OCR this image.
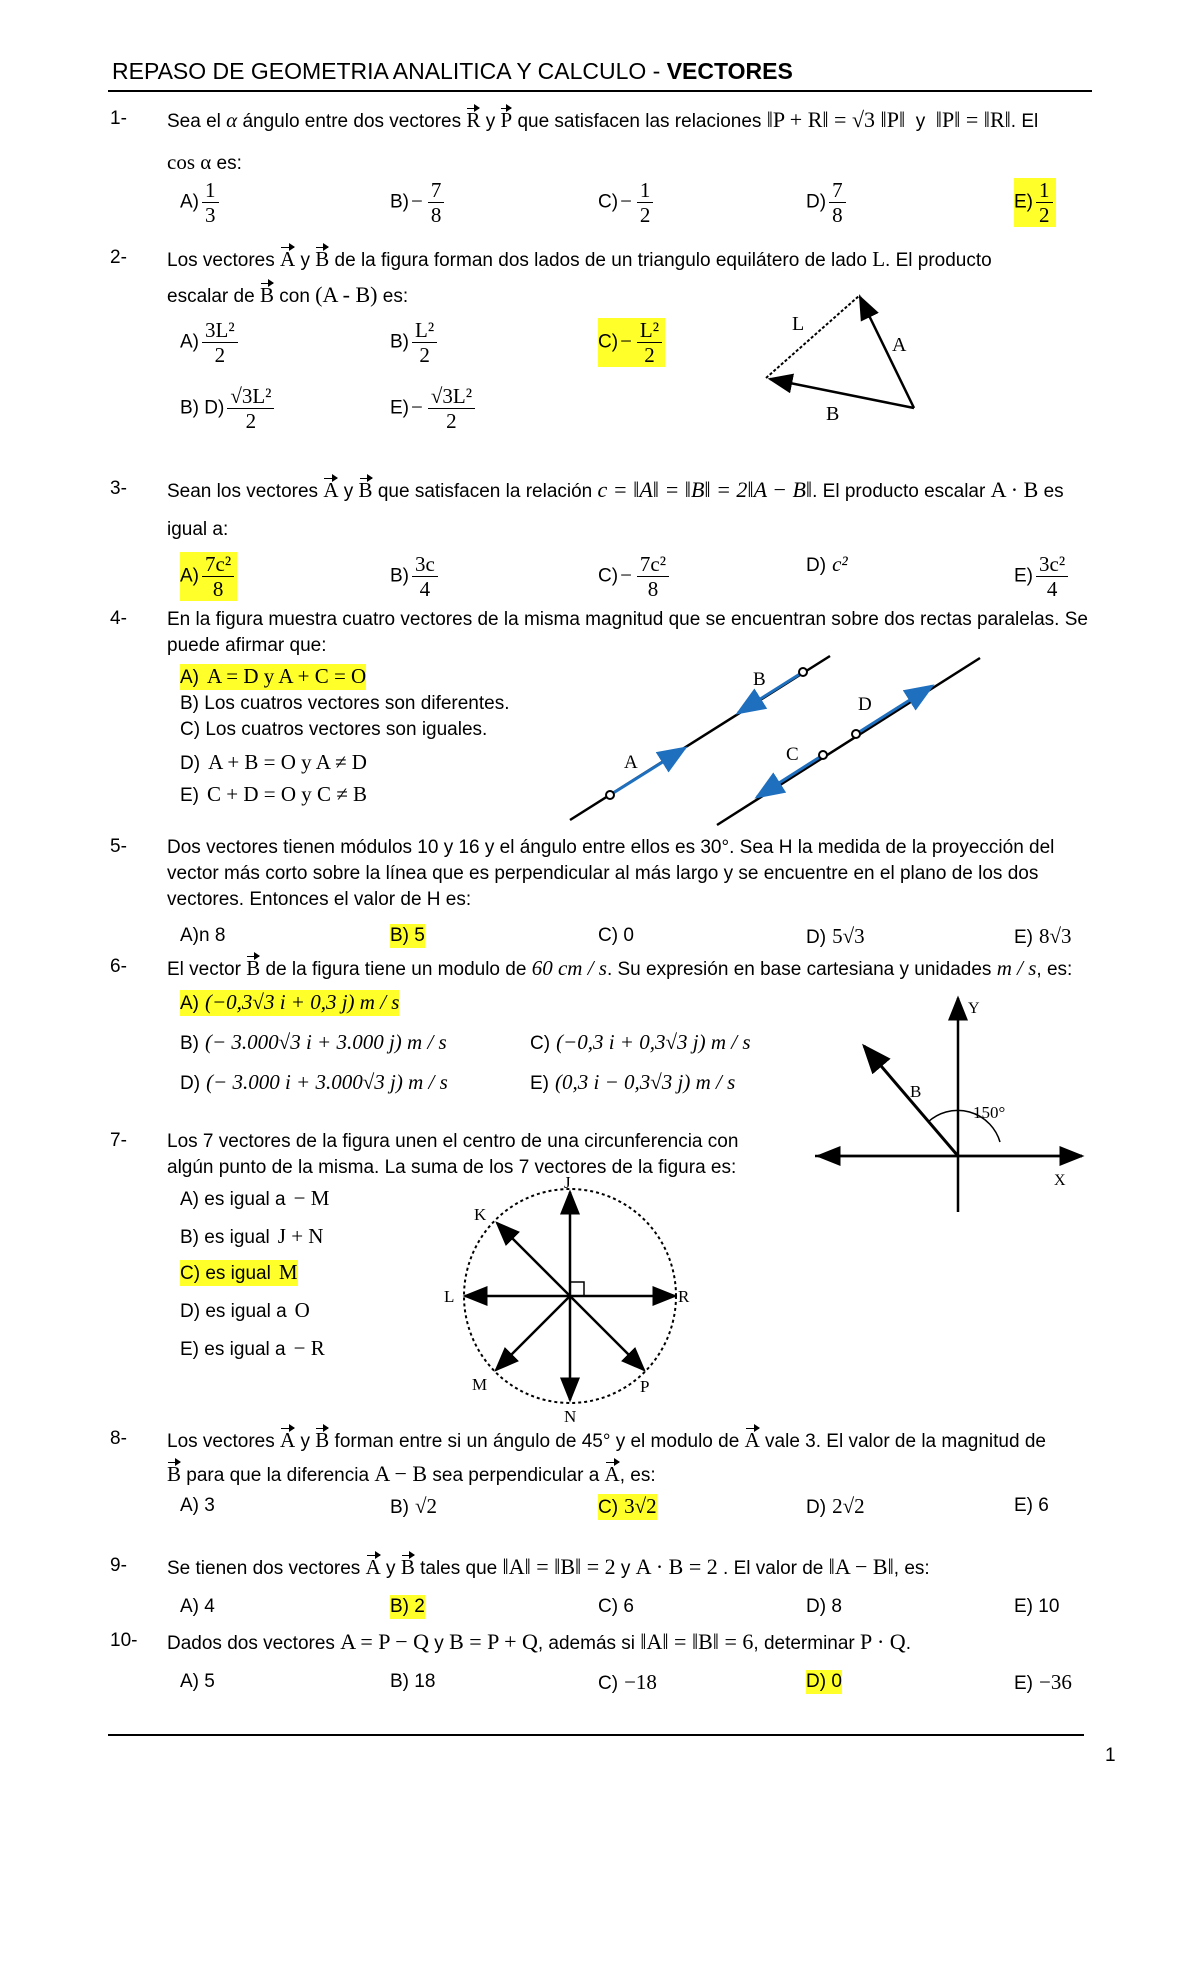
REPASO DE GEOMETRIA ANALITICA Y CALCULO - VECTORES
1- Sea el α ángulo entre dos vectores R y P que satisfacen las relaciones ‖P + R‖ = √3 ‖P‖ y ‖P‖ = ‖R‖. El
cos α es:
$A) \frac{1}{3}$	$B)- \frac{7}{8}$	$C)- \frac{1}{2}$	$D) \frac{7}{8}$	$E) \frac{1}{2}$
2- Los vectores A y B de la figura forman dos lados de un triangulo equilátero de lado L. El producto
escalar de B con (A - B) es:
$A) \frac{\text{3L²}}{2}$	$B) \frac{\text{L²}}{2}$	$C)- \frac{\text{L²}}{2}$
B) $D) \frac{\text{√3L²}}{2}$	$E)- \frac{\text{√3L²}}{2}$
L
A
B
3- Sean los vectores A y B que satisfacen la relación c = ‖A‖ = ‖B‖ = 2‖A − B‖. El producto escalar A · B es
igual a:
$A) \frac{\text{7c²}}{8}$	$B) \frac{3c}{4}$	$C)- \frac{\text{7c²}}{8}$	D) c²
$E) \frac{\text{3c²}}{4}$
4- En la figura muestra cuatro vectores de la misma magnitud que se encuentran sobre dos rectas paralelas. Se
puede afirmar que:
A) A = D y A + C = O
B) Los cuatros vectores son diferentes.
C) Los cuatros vectores son iguales.
D) A + B = O y A ≠ D
E) C + D = O y C ≠ B
A
B
C
D
5- Dos vectores tienen módulos 10 y 16 y el ángulo entre ellos es 30°. Sea H la medida de la proyección del
vector más corto sobre la línea que es perpendicular al más largo y se encuentre en el plano de los dos
vectores. Entonces el valor de H es:
A)n 8	B) 5	C) 0	D) 5√3	E) 8√3
6- El vector B de la figura tiene un modulo de 60 cm / s. Su expresión en base cartesiana y unidades m / s, es:
A) (−0,3√3 i + 0,3 j) m / s
B) (− 3.000√3 i + 3.000 j) m / s	C) (−0,3 i + 0,3√3 j) m / s
D) (− 3.000 i + 3.000√3 j) m / s	E) (0,3 i − 0,3√3 j) m / s
Y
X
B
150°
7- Los 7 vectores de la figura unen el centro de una circunferencia con
algún punto de la misma. La suma de los 7 vectores de la figura es:
A) es igual a − M
B) es igual J + N
C) es igual M
D) es igual a O
E) es igual a − R
J
K
L	R
M
N
P
8- Los vectores A y B forman entre si un ángulo de 45° y el modulo de A vale 3. El valor de la magnitud de
B para que la diferencia A − B sea perpendicular a A, es:
A) 3	B) √2	C) 3√2	D) 2√2	E) 6
9- Se tienen dos vectores A y B tales que ‖A‖ = ‖B‖ = 2 y A · B = 2 . El valor de ‖A − B‖, es:
A) 4	B) 2	C) 6	D) 8	E) 10
10- Dados dos vectores A = P − Q y B = P + Q, además si ‖A‖ = ‖B‖ = 6, determinar P · Q.
A) 5	B) 18	C) −18	D) 0	E) −36
1
